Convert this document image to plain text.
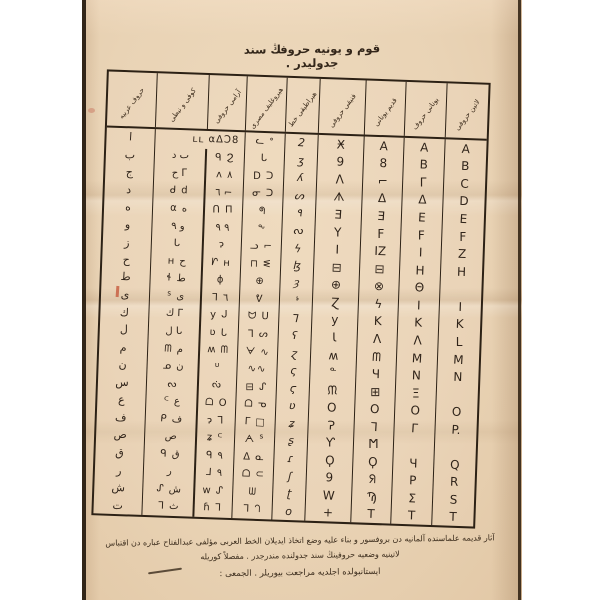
قوم و يونيه حروفڭ سند جدوليدر .
حروف عربيه	كوفى و نبطى آرامى حروفى هيروغليف مصرى هيراطيقى خط فنيقى حروفى قديم يونانى يونانى حروف لاتين حروفى
ا
ب
ج
د
ه
و
ز
ح
ط
ى
ك
ل
م
ن
س
ع
ف
ص
ق
ر
ش
ت
ʟʟ
ٮ د
ح ᒥ
ᑯ d
α ه
و ٩
ᒐ
ʜ ح
ɬ ط
ᔆ ى
ك ᒥ
ل ᒐ
ᗰ م
ᓄ ن
ᔓ
ᒼ ع
ᑭ ف
ص
ᑫ ق
ر
ᔑ ش
ᒣ ث
αΔƆ8
ᑫ Ϩ
ʌ ٨
٦ ⌐
ᑎ Π
۹ ٩
ɂ
ᗁ ʜ
ɸ
ᒣ ٦
y ᒍ
ʋ ᒐ
ʍ ᗰ
ᓑ
ᔔ
ᗝ O
ɂ ᒣ
ʑ ᒼ
ᑫ ۹
ᒧ ٩
w ᔑ
ɦ ᒣ
ᓚ ᐤ
ᒐ
ᗞ ᑐ
ᓂ ᑐ
ᖗ
ᖕ
ᓗ ⌐
⊓ ᓬ
⊕
ᕓ
ᗢ ᑌ
ᒣ ᔕ
ᗄ ∿
∿∿
⊟ ᔑ
ᗝ ᓀ
ᒥ □
ᗅ ᔆ
Δ ᓇ
ᗝ ⊂
ᗯ
ᒣ ᘃ
2
ʒ
ʎ
ᔕ
٩
ᔓ
ϟ
ɮ
ȝ
ᔉ
ᒣ
ʕ
ɀ
ς
ϛ
ʋ
ʑ
ʂ
ɾ
ʃ
ʈ
o
Ӿ
9
Λ
ᗑ
Ǝ
Y
I
⊟
⊕
Ɀ
y
Ɩ
ʍ
ᓐ
ᙏ
O
Ɂ
Ƴ
Ϙ
9
W
+
A
8
⌐
Δ
Ǝ
Ϝ
IZ
⊟
⊗
ϟ
K
ᐱ
ᗰ
Ч
⊞
O
ᒣ
Ϻ
Ϙ
ᖆ
Ϡ
T
A
B
Γ
Δ
E
F
I
H
Θ
I
K
Λ
M
N
Ξ
O
Γ
Ч
P
Σ
T
A
B
C
D
E
F
Z
H
I
K
L
M
N
O
P.
Q
R
S
T
آثار قديمه علماسنده آلمانيه دن بروفسور و بناء عليه وضع اتخاذ ايديلان الخط العربى مؤلفى عبدالفتاح عباره دن اقتباس
لاتينيه وضعيه حروفينڭ سند جدولنده مندرجدر . مفصلاً كوريله
ايستانبولده اجلديه مراجعت بيوريلر . الجمعى :
